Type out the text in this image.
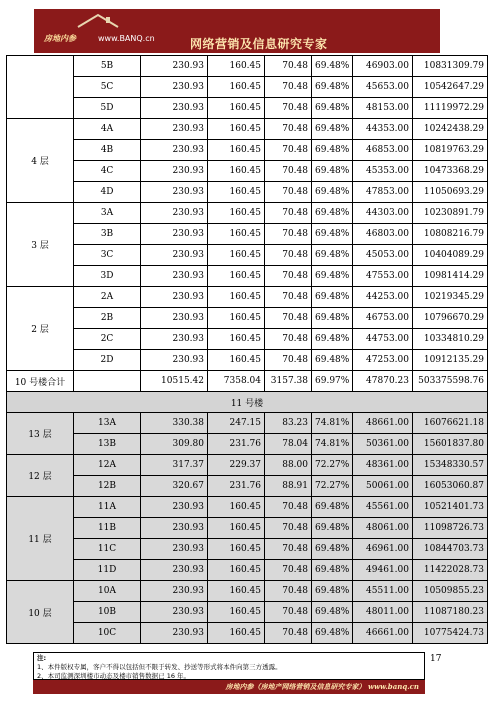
房地内参	www.BANQ.cn	网络营销及信息研究专家
	5B	230.93	160.45	70.48	69.48%	46903.00	10831309.79
	5C	230.93	160.45	70.48	69.48%	45653.00	10542647.29
	5D	230.93	160.45	70.48	69.48%	48153.00	11119972.29
4 层	4A	230.93	160.45	70.48	69.48%	44353.00	10242438.29
	4B	230.93	160.45	70.48	69.48%	46853.00	10819763.29
	4C	230.93	160.45	70.48	69.48%	45353.00	10473368.29
	4D	230.93	160.45	70.48	69.48%	47853.00	11050693.29
3 层	3A	230.93	160.45	70.48	69.48%	44303.00	10230891.79
	3B	230.93	160.45	70.48	69.48%	46803.00	10808216.79
	3C	230.93	160.45	70.48	69.48%	45053.00	10404089.29
	3D	230.93	160.45	70.48	69.48%	47553.00	10981414.29
2 层	2A	230.93	160.45	70.48	69.48%	44253.00	10219345.29
	2B	230.93	160.45	70.48	69.48%	46753.00	10796670.29
	2C	230.93	160.45	70.48	69.48%	44753.00	10334810.29
	2D	230.93	160.45	70.48	69.48%	47253.00	10912135.29
10 号楼合计		10515.42	7358.04	3157.38	69.97%	47870.23	503375598.76
11 号楼							
13 层	13A	330.38	247.15	83.23	74.81%	48661.00	16076621.18
	13B	309.80	231.76	78.04	74.81%	50361.00	15601837.80
12 层	12A	317.37	229.37	88.00	72.27%	48361.00	15348330.57
	12B	320.67	231.76	88.91	72.27%	50061.00	16053060.87
11 层	11A	230.93	160.45	70.48	69.48%	45561.00	10521401.73
	11B	230.93	160.45	70.48	69.48%	48061.00	11098726.73
	11C	230.93	160.45	70.48	69.48%	46961.00	10844703.73
	11D	230.93	160.45	70.48	69.48%	49461.00	11422028.73
10 层	10A	230.93	160.45	70.48	69.48%	45511.00	10509855.23
	10B	230.93	160.45	70.48	69.48%	48011.00	11087180.23
	10C	230.93	160.45	70.48	69.48%	46661.00	10775424.73
注:
1、本件版权专属，客户不得以包括但不限于转发、抄送等形式将本件向第三方透露。
2、本司监测深圳楼市动态及楼市销售数据已 16 年。
17
房地内参（房地产网络营销及信息研究专家） www.banq.cn
